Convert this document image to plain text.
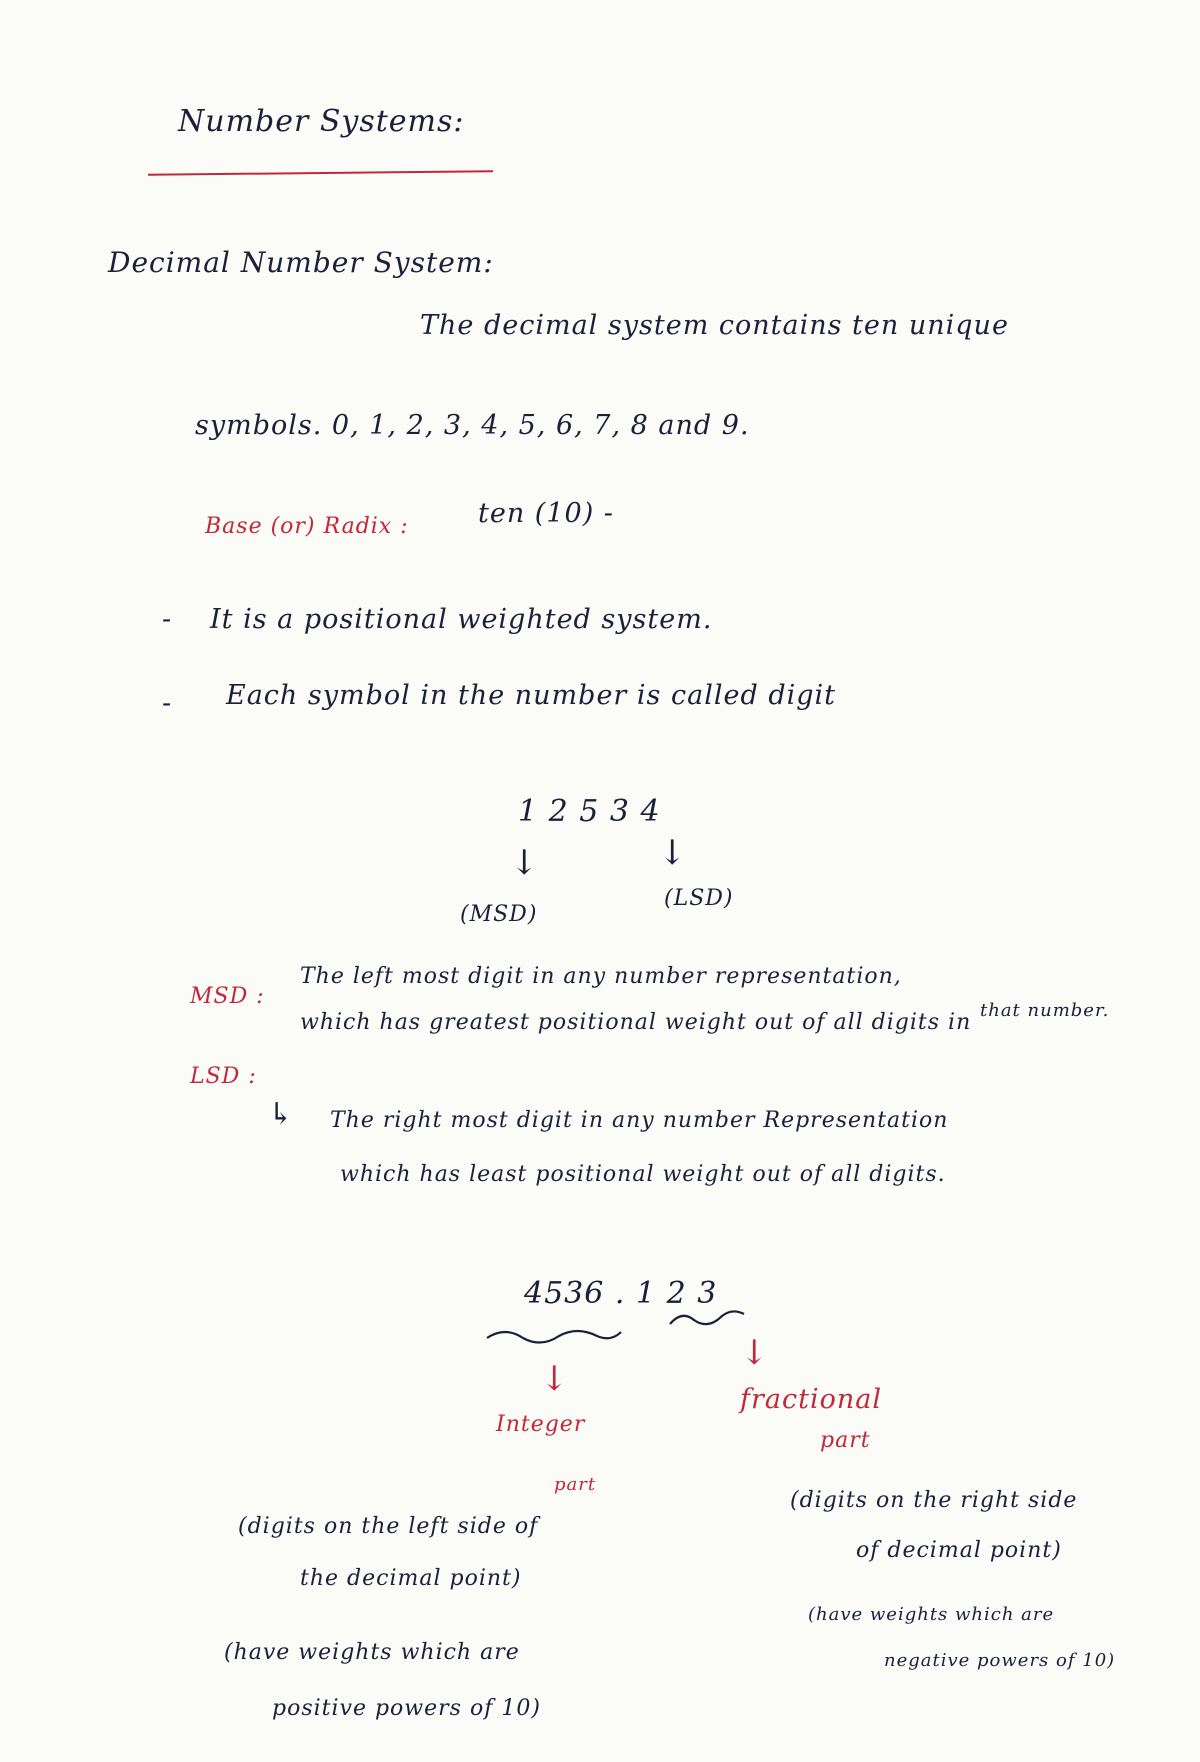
Number Systems:
Decimal Number System:
The decimal system contains ten unique
symbols. 0, 1, 2, 3, 4, 5, 6, 7, 8 and 9.
Base (or) Radix :	ten (10) -
- It is a positional weighted system.
- Each symbol in the number is called digit
1 2 5 3 4
↓	↓
(MSD)
(LSD)
MSD :
The left most digit in any number representation,
which has greatest positional weight out of all digits in that number.
LSD :
↳ The right most digit in any number Representation
which has least positional weight out of all digits.
4536 . 1 2 3
↓
↓
Integer
part
fractional
part
(digits on the left side of
the decimal point)
(have weights which are
positive powers of 10)
(digits on the right side
of decimal point)
(have weights which are
negative powers of 10)
